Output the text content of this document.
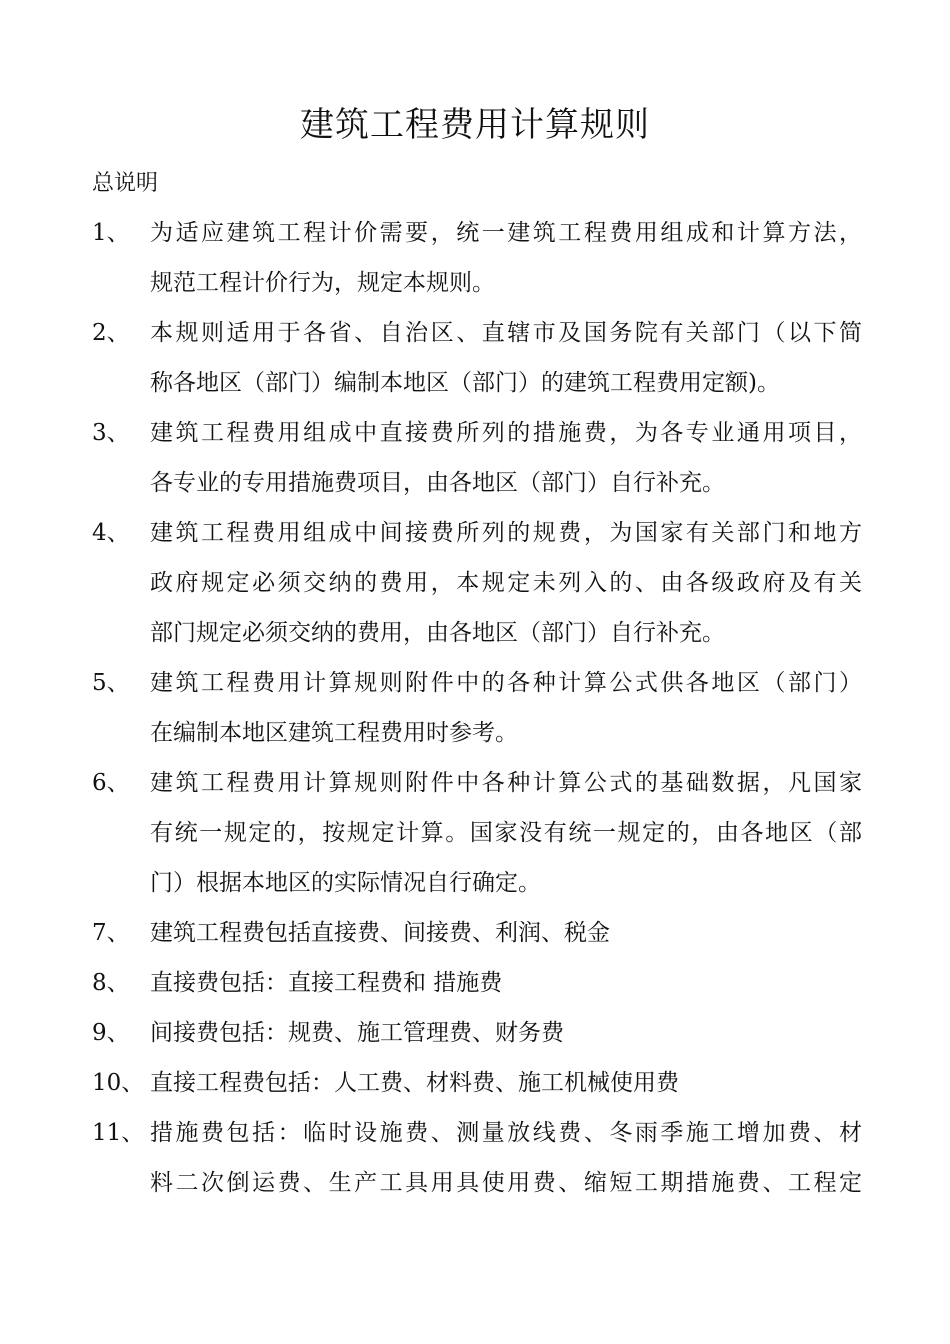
建筑工程费用计算规则
总说明
1、 为适应建筑工程计价需要，统一建筑工程费用组成和计算方法，
规范工程计价行为，规定本规则。
2、 本规则适用于各省、自治区、直辖市及国务院有关部门（以下简
称各地区（部门）编制本地区（部门）的建筑工程费用定额)。
3、 建筑工程费用组成中直接费所列的措施费，为各专业通用项目，
各专业的专用措施费项目，由各地区（部门）自行补充。
4、 建筑工程费用组成中间接费所列的规费，为国家有关部门和地方
政府规定必须交纳的费用，本规定未列入的、由各级政府及有关
部门规定必须交纳的费用，由各地区（部门）自行补充。
5、 建筑工程费用计算规则附件中的各种计算公式供各地区（部门）
在编制本地区建筑工程费用时参考。
6、 建筑工程费用计算规则附件中各种计算公式的基础数据，凡国家
有统一规定的，按规定计算。国家没有统一规定的，由各地区（部
门）根据本地区的实际情况自行确定。
7、 建筑工程费包括直接费、间接费、利润、税金
8、 直接费包括：直接工程费和 措施费
9、 间接费包括：规费、施工管理费、财务费
10、 直接工程费包括：人工费、材料费、施工机械使用费
11、 措施费包括：临时设施费、测量放线费、冬雨季施工增加费、材
料二次倒运费、生产工具用具使用费、缩短工期措施费、工程定
